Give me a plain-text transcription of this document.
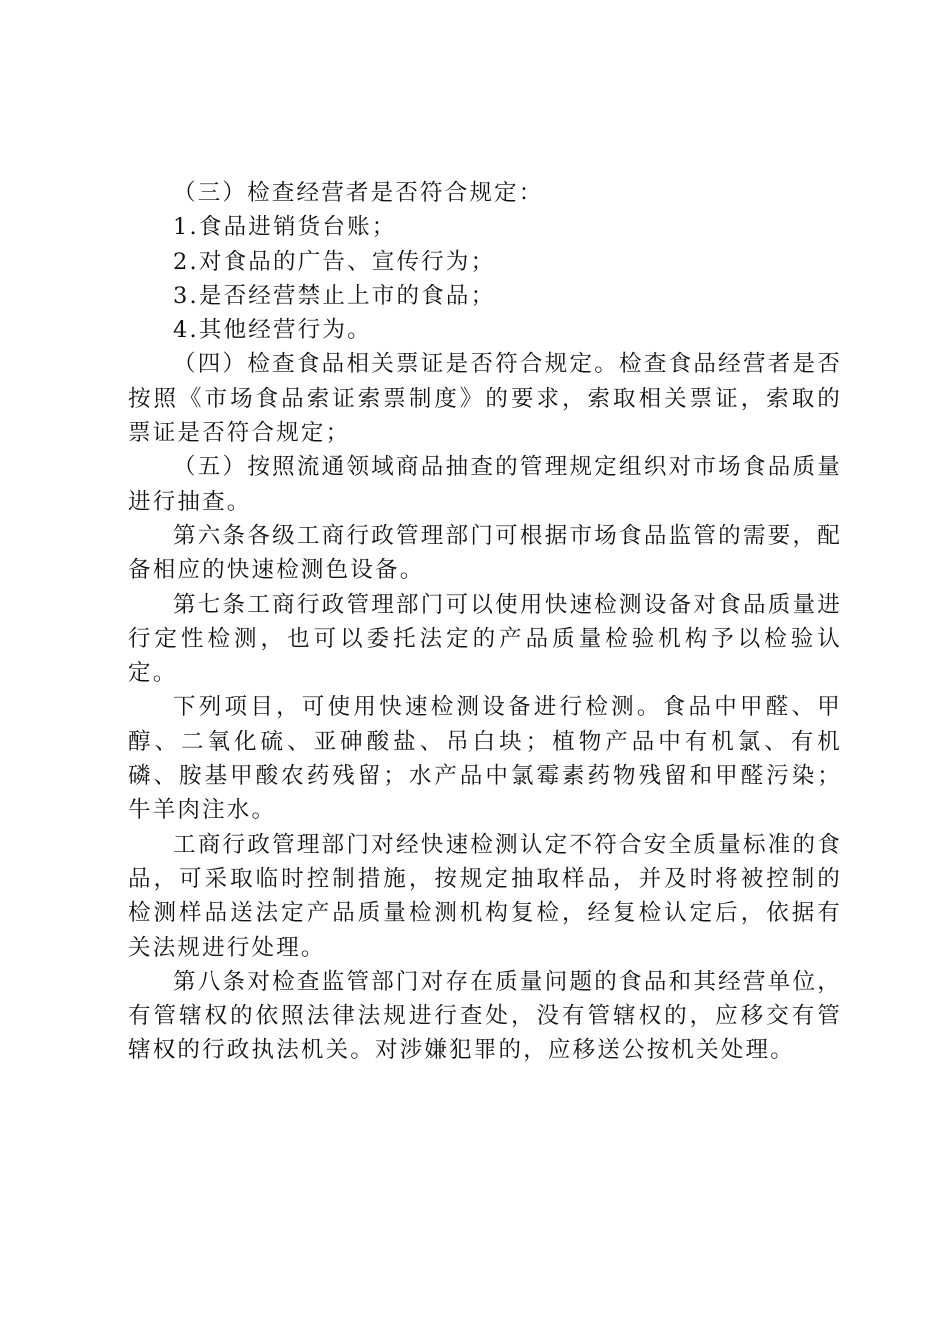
（三）检查经营者是否符合规定：

1.食品进销货台账；

2.对食品的广告、宣传行为；

3.是否经营禁止上市的食品；

4.其他经营行为。

（四）检查食品相关票证是否符合规定。检查食品经营者是否按照《市场食品索证索票制度》的要求，索取相关票证，索取的票证是否符合规定；

（五）按照流通领域商品抽查的管理规定组织对市场食品质量进行抽查。

第六条各级工商行政管理部门可根据市场食品监管的需要，配备相应的快速检测色设备。

第七条工商行政管理部门可以使用快速检测设备对食品质量进行定性检测，也可以委托法定的产品质量检验机构予以检验认定。

下列项目，可使用快速检测设备进行检测。食品中甲醛、甲醇、二氧化硫、亚砷酸盐、吊白块；植物产品中有机氯、有机磷、胺基甲酸农药残留；水产品中氯霉素药物残留和甲醛污染；牛羊肉注水。

工商行政管理部门对经快速检测认定不符合安全质量标准的食品，可采取临时控制措施，按规定抽取样品，并及时将被控制的检测样品送法定产品质量检测机构复检，经复检认定后，依据有关法规进行处理。

第八条对检查监管部门对存在质量问题的食品和其经营单位，有管辖权的依照法律法规进行查处，没有管辖权的，应移交有管辖权的行政执法机关。对涉嫌犯罪的，应移送公按机关处理。
